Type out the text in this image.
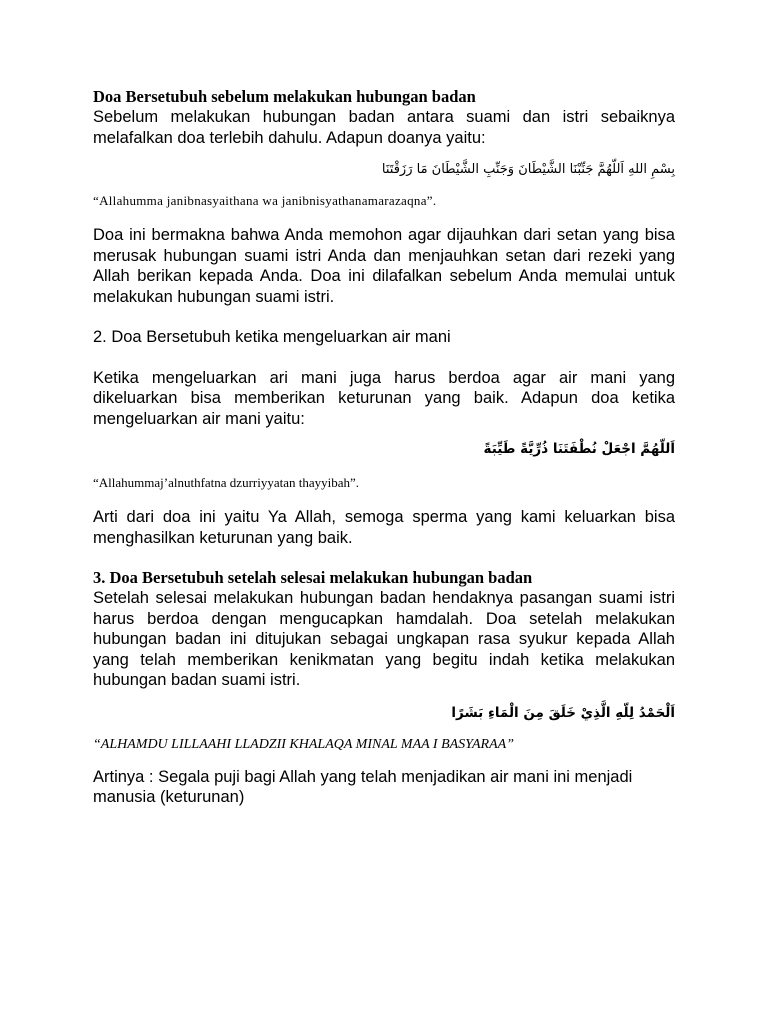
Doa Bersetubuh sebelum melakukan hubungan badan

Sebelum melakukan hubungan badan antara suami dan istri sebaiknya melafalkan doa terlebih dahulu. Adapun doanya yaitu:

بِسْمِ اللهِ اَللّهُمَّ جَنِّبْنَا الشَّيْطَانَ وَجَنِّبِ الشَّيْطَانَ مَا رَزَقْتَنَا

“Allahumma janibnasyaithana wa janibnisyathanamarazaqna”.

Doa ini bermakna bahwa Anda memohon agar dijauhkan dari setan yang bisa merusak hubungan suami istri Anda dan menjauhkan setan dari rezeki yang Allah berikan kepada Anda. Doa ini dilafalkan sebelum Anda memulai untuk melakukan hubungan suami istri.

2. Doa Bersetubuh ketika mengeluarkan air mani

Ketika mengeluarkan ari mani juga harus berdoa agar air mani yang dikeluarkan bisa memberikan keturunan yang baik. Adapun doa ketika mengeluarkan air mani yaitu:

اَللّهُمَّ اجْعَلْ نُطْفَتَنَا ذُرِّيَّةً طَيِّبَةً

“Allahummaj’alnuthfatna dzurriyyatan thayyibah”.

Arti dari doa ini yaitu Ya Allah, semoga sperma yang kami keluarkan bisa menghasilkan keturunan yang baik.

3. Doa Bersetubuh setelah selesai melakukan hubungan badan

Setelah selesai melakukan hubungan badan hendaknya pasangan suami istri harus berdoa dengan mengucapkan hamdalah. Doa setelah melakukan hubungan badan ini ditujukan sebagai ungkapan rasa syukur kepada Allah yang telah memberikan kenikmatan yang begitu indah ketika melakukan hubungan badan suami istri.

اَلْحَمْدُ لِلّهِ الَّذِيْ خَلَقَ مِنَ الْمَاءِ بَشَرًا

“ALHAMDU LILLAAHI LLADZII KHALAQA MINAL MAA I BASYARAA”

Artinya : Segala puji bagi Allah yang telah menjadikan air mani ini menjadi manusia (keturunan)
